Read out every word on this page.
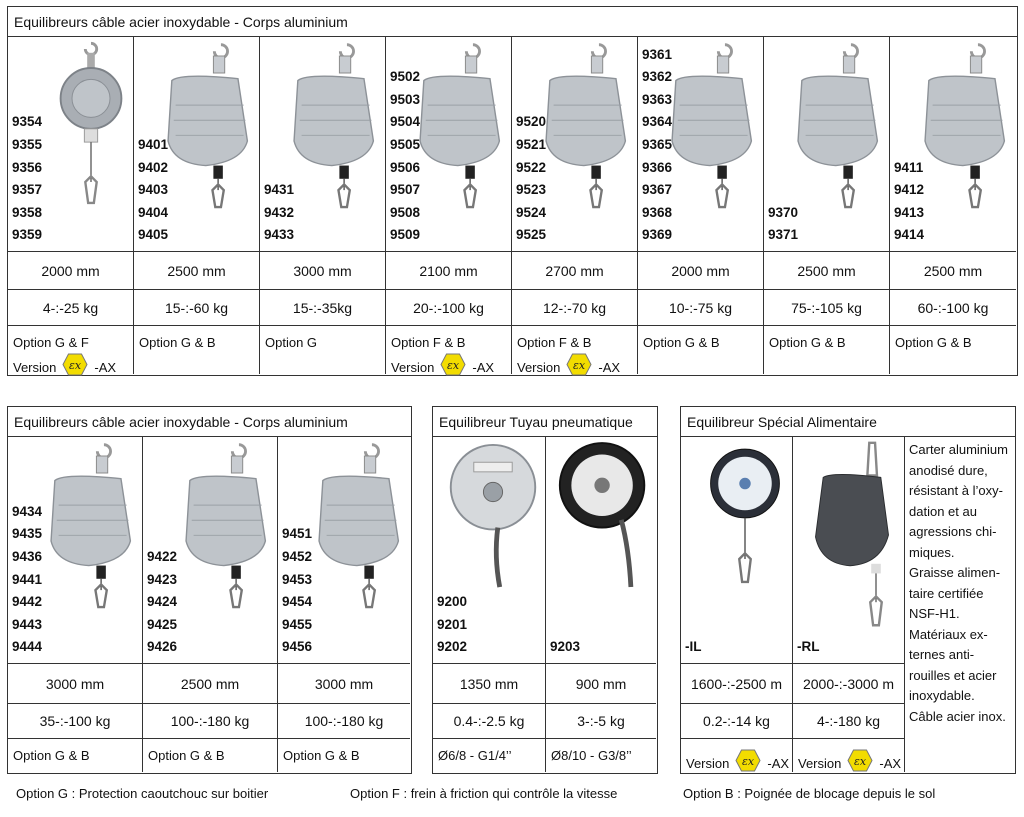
Equilibreurs câble acier inoxydable - Corps aluminium
9354
9355
9356
9357
9358
9359
2000 mm
4-:-25 kg
Option G & F
Version εx -AX
9401
9402
9403
9404
9405
2500 mm
15-:-60 kg
Option G & B
9431
9432
9433
3000 mm
15-:-35kg
Option G
9502
9503
9504
9505
9506
9507
9508
9509
2100 mm
20-:-100 kg
Option F & B
Version εx -AX
9520
9521
9522
9523
9524
9525
2700 mm
12-:-70 kg
Option F & B
Version εx -AX
9361
9362
9363
9364
9365
9366
9367
9368
9369
2000 mm
10-:-75 kg
Option G & B
9370
9371
2500 mm
75-:-105 kg
Option G & B
9411
9412
9413
9414
2500 mm
60-:-100 kg
Option G & B
Equilibreurs câble acier inoxydable - Corps aluminium
9434
9435
9436
9441
9442
9443
9444
3000 mm
35-:-100 kg
Option G & B
9422
9423
9424
9425
9426
2500 mm
100-:-180 kg
Option G & B
9451
9452
9453
9454
9455
9456
3000 mm
100-:-180 kg
Option G & B
Equilibreur Tuyau pneumatique
9200
9201
9202
1350 mm
0.4-:-2.5 kg
Ø6/8 - G1/4’’
9203
900 mm
3-:-5 kg
Ø8/10 - G3/8’’
Equilibreur Spécial Alimentaire
-IL
1600-:-2500 m
0.2-:-14 kg
Version εx -AX
-RL
2000-:-3000 m
4-:-180 kg
Version εx -AX
Carter aluminium
anodisé dure,
résistant à l’oxy-
dation et au
agressions chi-
miques.
Graisse alimen-
taire certifiée
NSF-H1.
Matériaux ex-
ternes anti-
rouilles et acier
inoxydable.
Câble acier inox.
Option G : Protection caoutchouc sur boitier	Option F : frein à friction qui contrôle la vitesse	Option B : Poignée de blocage depuis le sol
